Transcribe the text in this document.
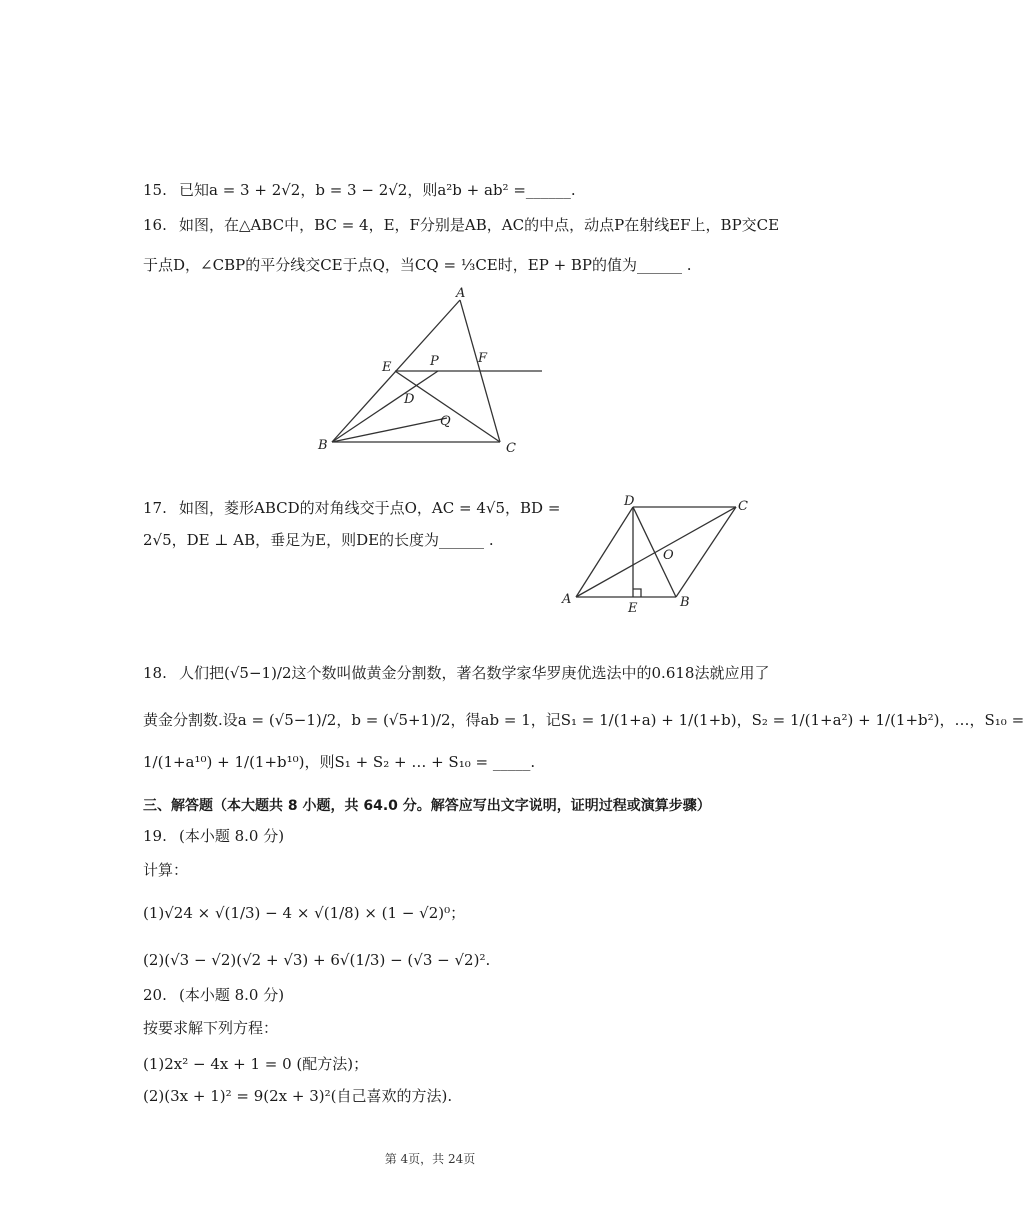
15. 已知a = 3 + 2√2，b = 3 − 2√2，则a²b + ab² =______.
16. 如图，在△ABC中，BC = 4，E，F分别是AB，AC的中点，动点P在射线EF上，BP交CE
于点D，∠CBP的平分线交CE于点Q，当CQ = ⅓CE时，EP + BP的值为______ .
A
B	C
E
F
P
D
Q
17. 如图，菱形ABCD的对角线交于点O，AC = 4√5，BD =
2√5，DE ⊥ AB，垂足为E，则DE的长度为______ .
D	C
A	B
E
O
18. 人们把(√5−1)/2这个数叫做黄金分割数，著名数学家华罗庚优选法中的0.618法就应用了
黄金分割数.设a = (√5−1)/2，b = (√5+1)/2，得ab = 1，记S₁ = 1/(1+a) + 1/(1+b)，S₂ = 1/(1+a²) + 1/(1+b²)，…，S₁₀ =
1/(1+a¹⁰) + 1/(1+b¹⁰)，则S₁ + S₂ + … + S₁₀ = _____.
三、解答题（本大题共 8 小题，共 64.0 分。解答应写出文字说明，证明过程或演算步骤）
19. (本小题 8.0 分)
计算：
(1)√24 × √(1/3) − 4 × √(1/8) × (1 − √2)⁰；
(2)(√3 − √2)(√2 + √3) + 6√(1/3) − (√3 − √2)².
20. (本小题 8.0 分)
按要求解下列方程：
(1)2x² − 4x + 1 = 0 (配方法)；
(2)(3x + 1)² = 9(2x + 3)²(自己喜欢的方法).
第 4页，共 24页
